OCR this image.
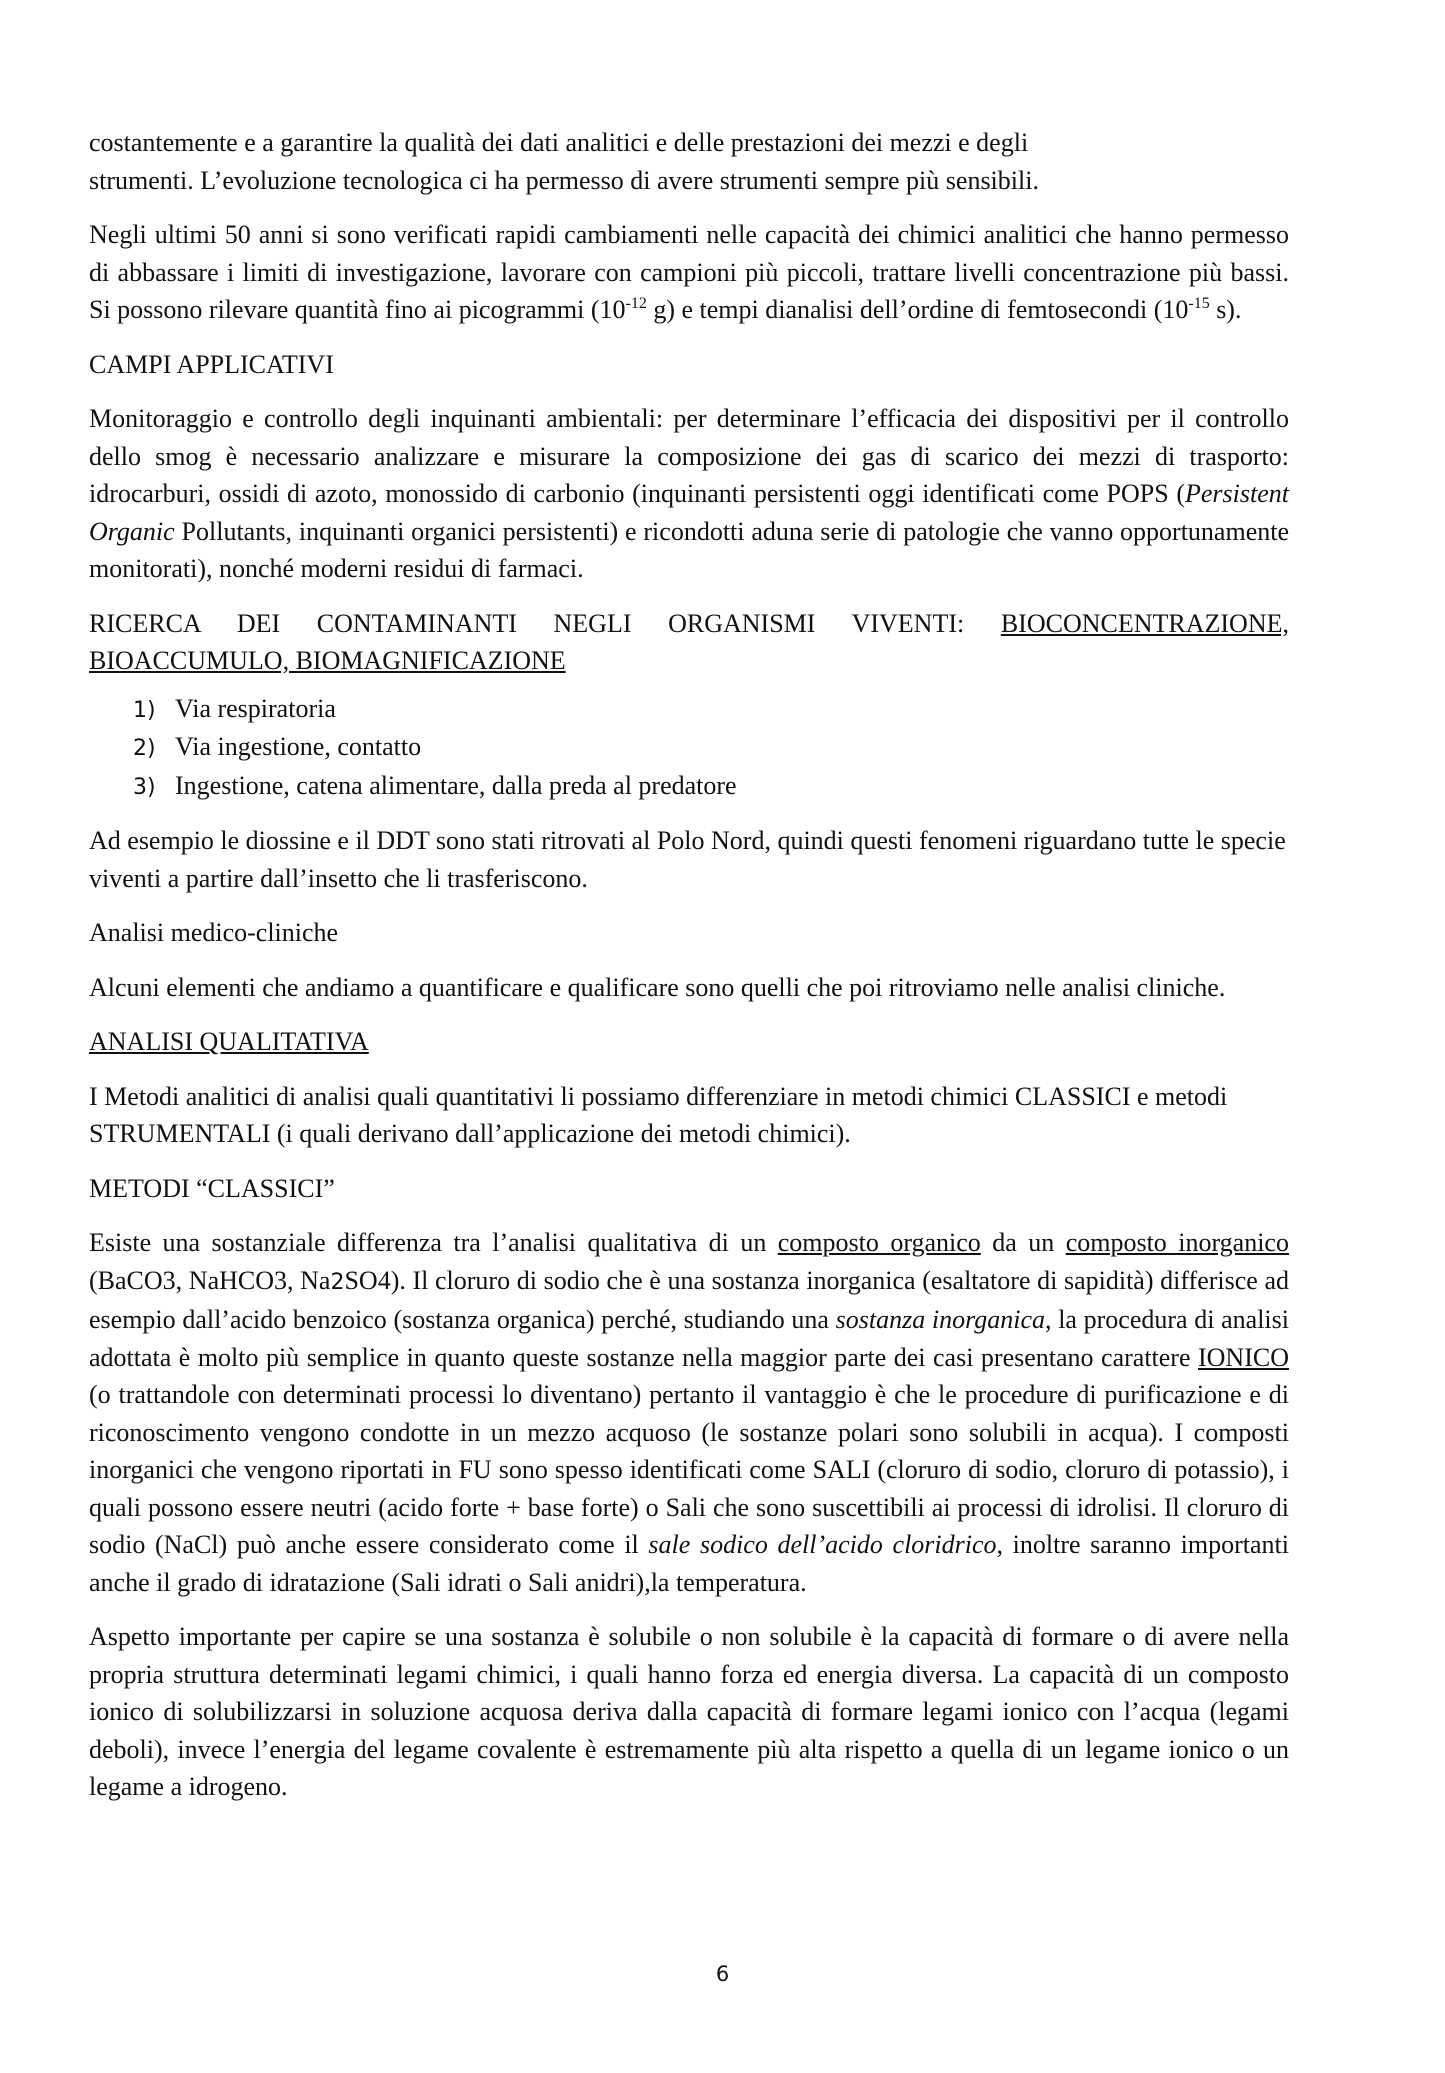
costantemente e a garantire la qualità dei dati analitici e delle prestazioni dei mezzi e degli
strumenti. L’evoluzione tecnologica ci ha permesso di avere strumenti sempre più sensibili.

Negli ultimi 50 anni si sono verificati rapidi cambiamenti nelle capacità dei chimici analitici che hanno permesso di abbassare i limiti di investigazione, lavorare con campioni più piccoli, trattare livelli concentrazione più bassi. Si possono rilevare quantità fino ai picogrammi ($10^{-12}$ g) e tempi dianalisi dell’ordine di femtosecondi ($10^{-15}$ s).

CAMPI APPLICATIVI

Monitoraggio e controllo degli inquinanti ambientali: per determinare l’efficacia dei dispositivi per il controllo dello smog è necessario analizzare e misurare la composizione dei gas di scarico dei mezzi di trasporto: idrocarburi, ossidi di azoto, monossido di carbonio (inquinanti persistenti oggi identificati come POPS (Persistent Organic Pollutants, inquinanti organici persistenti) e ricondotti aduna serie di patologie che vanno opportunamente monitorati), nonché moderni residui di farmaci.

RICERCA DEI CONTAMINANTI NEGLI ORGANISMI VIVENTI: BIOCONCENTRAZIONE, BIOACCUMULO, BIOMAGNIFICAZIONE

1) Via respiratoria
2) Via ingestione, contatto
3) Ingestione, catena alimentare, dalla preda al predatore

Ad esempio le diossine e il DDT sono stati ritrovati al Polo Nord, quindi questi fenomeni riguardano tutte le specie viventi a partire dall’insetto che li trasferiscono.

Analisi medico-cliniche

Alcuni elementi che andiamo a quantificare e qualificare sono quelli che poi ritroviamo nelle analisi cliniche.

ANALISI QUALITATIVA

I Metodi analitici di analisi quali quantitativi li possiamo differenziare in metodi chimici CLASSICI e metodi STRUMENTALI (i quali derivano dall’applicazione dei metodi chimici).

METODI “CLASSICI”

Esiste una sostanziale differenza tra l’analisi qualitativa di un composto organico da un composto inorganico (BaCO3, NaHCO3, Na2SO4). Il cloruro di sodio che è una sostanza inorganica (esaltatore di sapidità) differisce ad esempio dall’acido benzoico (sostanza organica) perché, studiando una sostanza inorganica, la procedura di analisi adottata è molto più semplice in quanto queste sostanze nella maggior parte dei casi presentano carattere IONICO (o trattandole con determinati processi lo diventano) pertanto il vantaggio è che le procedure di purificazione e di riconoscimento vengono condotte in un mezzo acquoso (le sostanze polari sono solubili in acqua). I composti inorganici che vengono riportati in FU sono spesso identificati come SALI (cloruro di sodio, cloruro di potassio), i quali possono essere neutri (acido forte + base forte) o Sali che sono suscettibili ai processi di idrolisi. Il cloruro di sodio (NaCl) può anche essere considerato come il sale sodico dell’acido cloridrico, inoltre saranno importanti anche il grado di idratazione (Sali idrati o Sali anidri),la temperatura.

Aspetto importante per capire se una sostanza è solubile o non solubile è la capacità di formare o di avere nella propria struttura determinati legami chimici, i quali hanno forza ed energia diversa. La capacità di un composto ionico di solubilizzarsi in soluzione acquosa deriva dalla capacità di formare legami ionico con l’acqua (legami deboli), invece l’energia del legame covalente è estremamente più alta rispetto a quella di un legame ionico o un legame a idrogeno.

6
